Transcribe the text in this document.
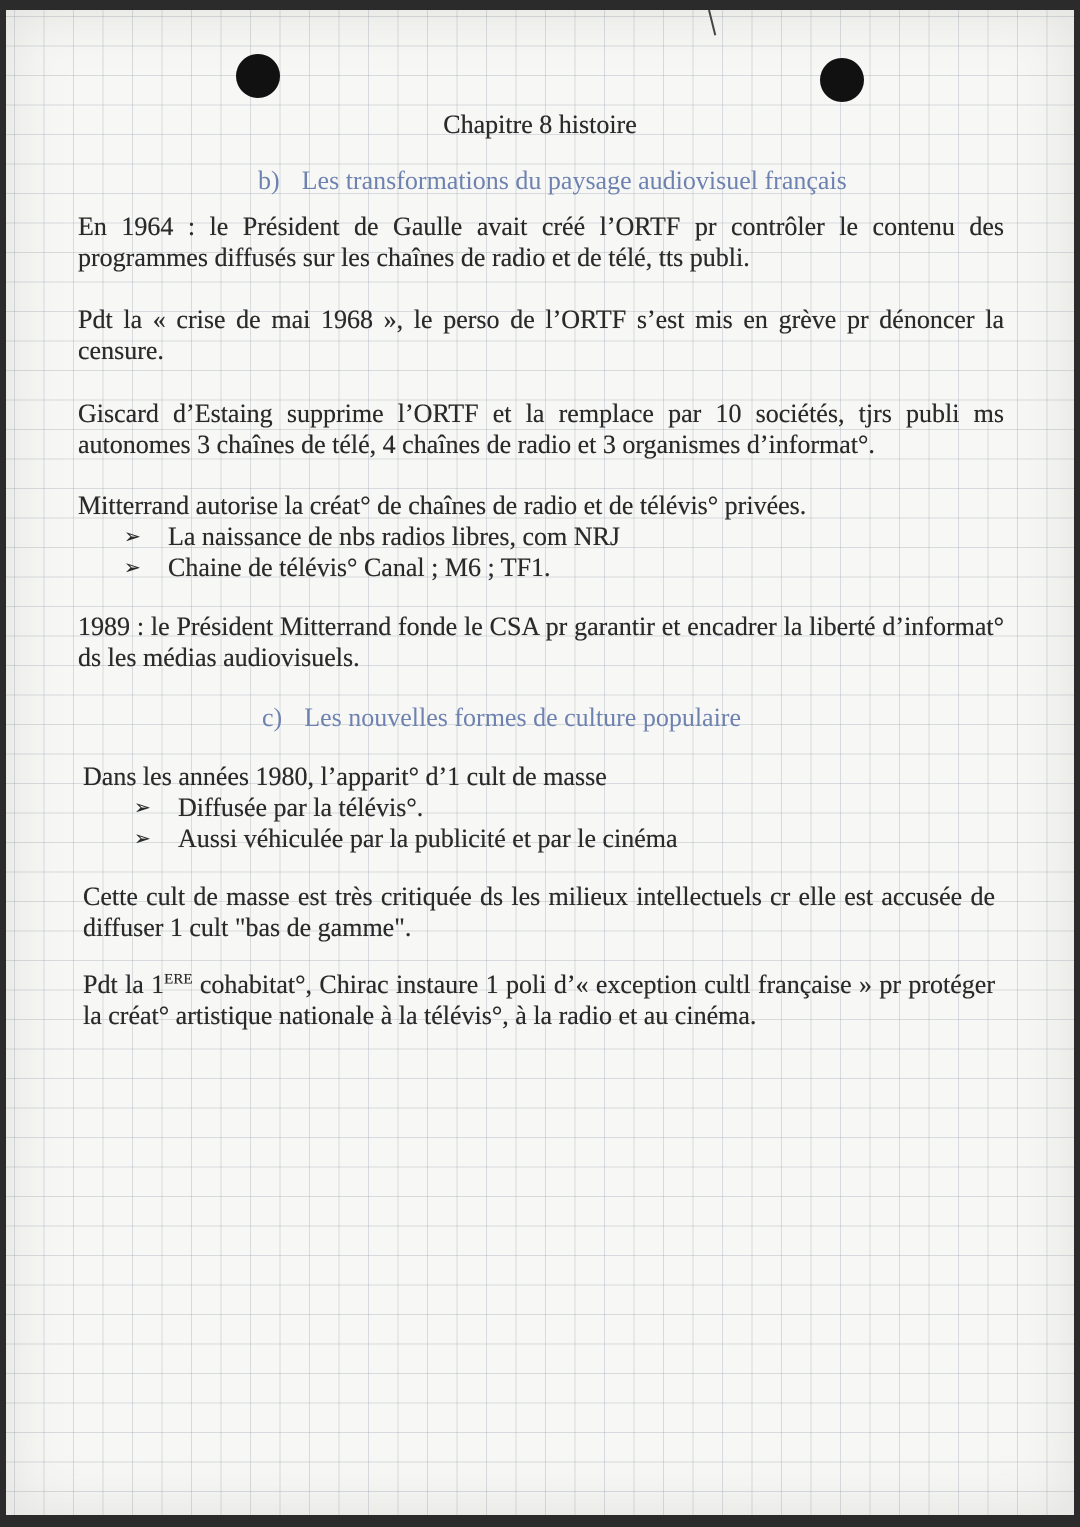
Chapitre 8 histoire
b) Les transformations du paysage audiovisuel français
En 1964 : le Président de Gaulle avait créé l’ORTF pr contrôler le contenu des programmes diffusés sur les chaînes de radio et de télé, tts publi.
Pdt la « crise de mai 1968 », le perso de l’ORTF s’est mis en grève pr dénoncer la censure.
Giscard d’Estaing supprime l’ORTF et la remplace par 10 sociétés, tjrs publi ms autonomes 3 chaînes de télé, 4 chaînes de radio et 3 organismes d’informat°.
Mitterrand autorise la créat° de chaînes de radio et de télévis° privées.
➢ La naissance de nbs radios libres, com NRJ
➢ Chaine de télévis° Canal ; M6 ; TF1.
1989 : le Président Mitterrand fonde le CSA pr garantir et encadrer la liberté d’informat° ds les médias audiovisuels.
c) Les nouvelles formes de culture populaire
Dans les années 1980, l’apparit° d’1 cult de masse
➢ Diffusée par la télévis°.
➢ Aussi véhiculée par la publicité et par le cinéma
Cette cult de masse est très critiquée ds les milieux intellectuels cr elle est accusée de diffuser 1 cult "bas de gamme".
Pdt la 1ERE cohabitat°, Chirac instaure 1 poli d’« exception cultl française » pr protéger la créat° artistique nationale à la télévis°, à la radio et au cinéma.
